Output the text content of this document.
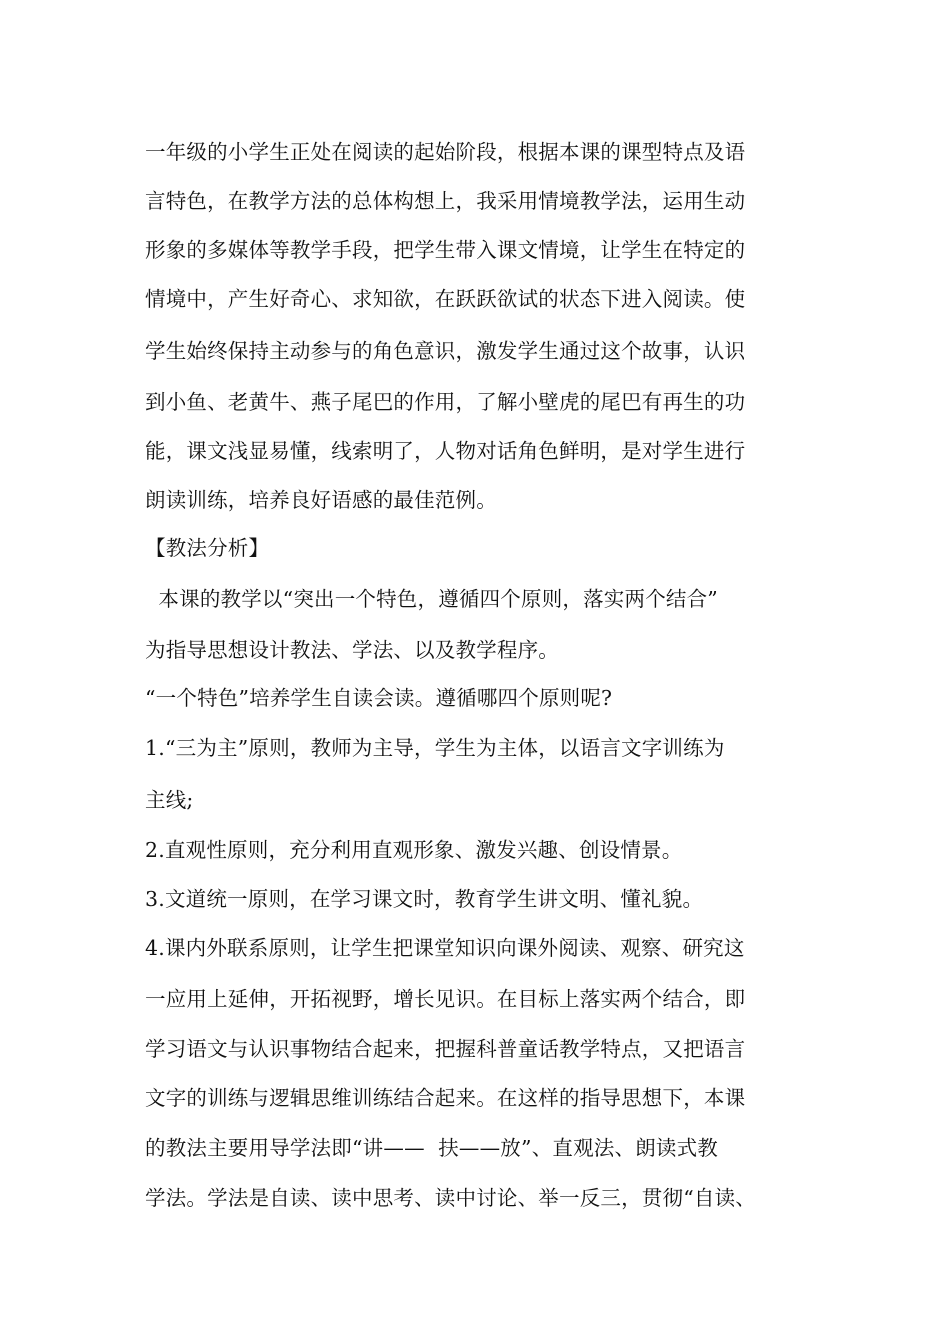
一年级的小学生正处在阅读的起始阶段，根据本课的课型特点及语
言特色，在教学方法的总体构想上，我采用情境教学法，运用生动
形象的多媒体等教学手段，把学生带入课文情境，让学生在特定的
情境中，产生好奇心、求知欲，在跃跃欲试的状态下进入阅读。使
学生始终保持主动参与的角色意识，激发学生通过这个故事，认识
到小鱼、老黄牛、燕子尾巴的作用，了解小壁虎的尾巴有再生的功
能，课文浅显易懂，线索明了，人物对话角色鲜明，是对学生进行
朗读训练，培养良好语感的最佳范例。
【教法分析】
本课的教学以“突出一个特色，遵循四个原则，落实两个结合”
为指导思想设计教法、学法、以及教学程序。
“一个特色”培养学生自读会读。遵循哪四个原则呢?
1.“三为主”原则，教师为主导，学生为主体，以语言文字训练为
主线;
2.直观性原则，充分利用直观形象、激发兴趣、创设情景。
3.文道统一原则，在学习课文时，教育学生讲文明、懂礼貌。
4.课内外联系原则，让学生把课堂知识向课外阅读、观察、研究这
一应用上延伸，开拓视野，增长见识。在目标上落实两个结合，即
学习语文与认识事物结合起来，把握科普童话教学特点，又把语言
文字的训练与逻辑思维训练结合起来。在这样的指导思想下，本课
的教法主要用导学法即“讲——  扶——放”、直观法、朗读式教
学法。学法是自读、读中思考、读中讨论、举一反三，贯彻“自读、
